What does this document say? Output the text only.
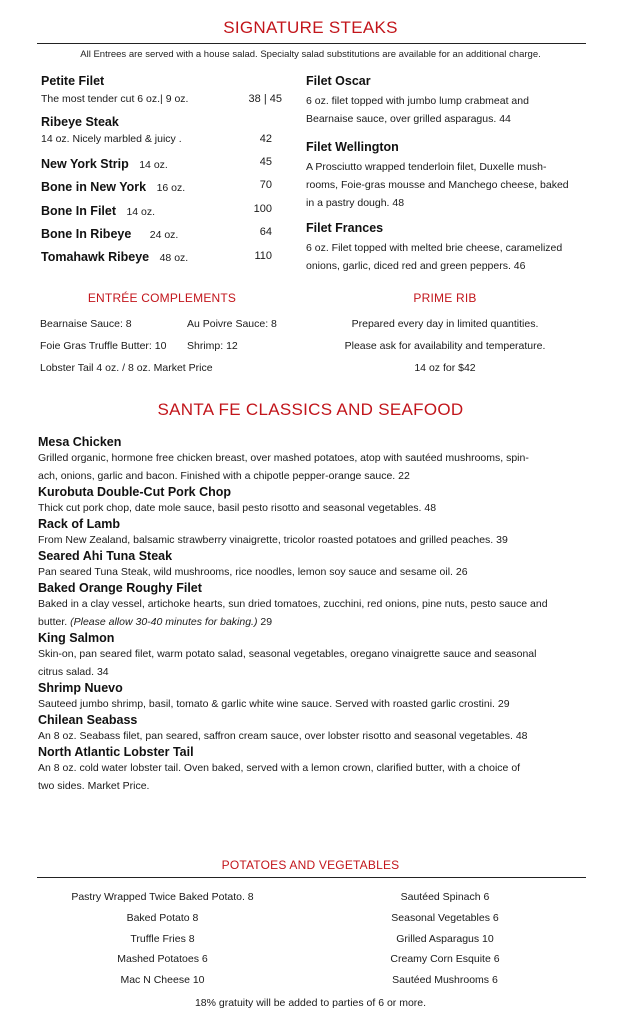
SIGNATURE STEAKS
All Entrees are served with a house salad. Specialty salad substitutions are available for an additional charge.
Petite Filet
The most tender cut 6 oz.| 9 oz.	38 | 45
Ribeye Steak
14 oz. Nicely marbled & juicy .	42
New York Strip 14 oz.	45
Bone in New York 16 oz.	70
Bone In Filet 14 oz.	100
Bone In Ribeye 24 oz.	64
Tomahawk Ribeye 48 oz.	110
Filet Oscar
6 oz. filet topped with jumbo lump crabmeat and
Bearnaise sauce, over grilled asparagus. 44
Filet Wellington
A Prosciutto wrapped tenderloin filet, Duxelle mush-
rooms, Foie-gras mousse and Manchego cheese, baked
in a pastry dough. 48
Filet Frances
6 oz. Filet topped with melted brie cheese, caramelized
onions, garlic, diced red and green peppers. 46
ENTRÉE COMPLEMENTS
Bearnaise Sauce: 8	Au Poivre Sauce: 8
Foie Gras Truffle Butter: 10 Shrimp: 12
Lobster Tail 4 oz. / 8 oz. Market Price
PRIME RIB
Prepared every day in limited quantities.
Please ask for availability and temperature.
14 oz for $42
SANTA FE CLASSICS AND SEAFOOD
Mesa Chicken
Grilled organic, hormone free chicken breast, over mashed potatoes, atop with sautéed mushrooms, spin-
ach, onions, garlic and bacon. Finished with a chipotle pepper-orange sauce. 22
Kurobuta Double-Cut Pork Chop
Thick cut pork chop, date mole sauce, basil pesto risotto and seasonal vegetables. 48
Rack of Lamb
From New Zealand, balsamic strawberry vinaigrette, tricolor roasted potatoes and grilled peaches. 39
Seared Ahi Tuna Steak
Pan seared Tuna Steak, wild mushrooms, rice noodles, lemon soy sauce and sesame oil. 26
Baked Orange Roughy Filet
Baked in a clay vessel, artichoke hearts, sun dried tomatoes, zucchini, red onions, pine nuts, pesto sauce and
butter. (Please allow 30-40 minutes for baking.) 29
King Salmon
Skin-on, pan seared filet, warm potato salad, seasonal vegetables, oregano vinaigrette sauce and seasonal
citrus salad. 34
Shrimp Nuevo
Sauteed jumbo shrimp, basil, tomato & garlic white wine sauce. Served with roasted garlic crostini. 29
Chilean Seabass
An 8 oz. Seabass filet, pan seared, saffron cream sauce, over lobster risotto and seasonal vegetables. 48
North Atlantic Lobster Tail
An 8 oz. cold water lobster tail. Oven baked, served with a lemon crown, clarified butter, with a choice of
two sides. Market Price.
POTATOES AND VEGETABLES
Pastry Wrapped Twice Baked Potato. 8
Baked Potato 8
Truffle Fries 8
Mashed Potatoes 6
Mac N Cheese 10
Sautéed Spinach 6
Seasonal Vegetables 6
Grilled Asparagus 10
Creamy Corn Esquite 6
Sautéed Mushrooms 6
18% gratuity will be added to parties of 6 or more.
